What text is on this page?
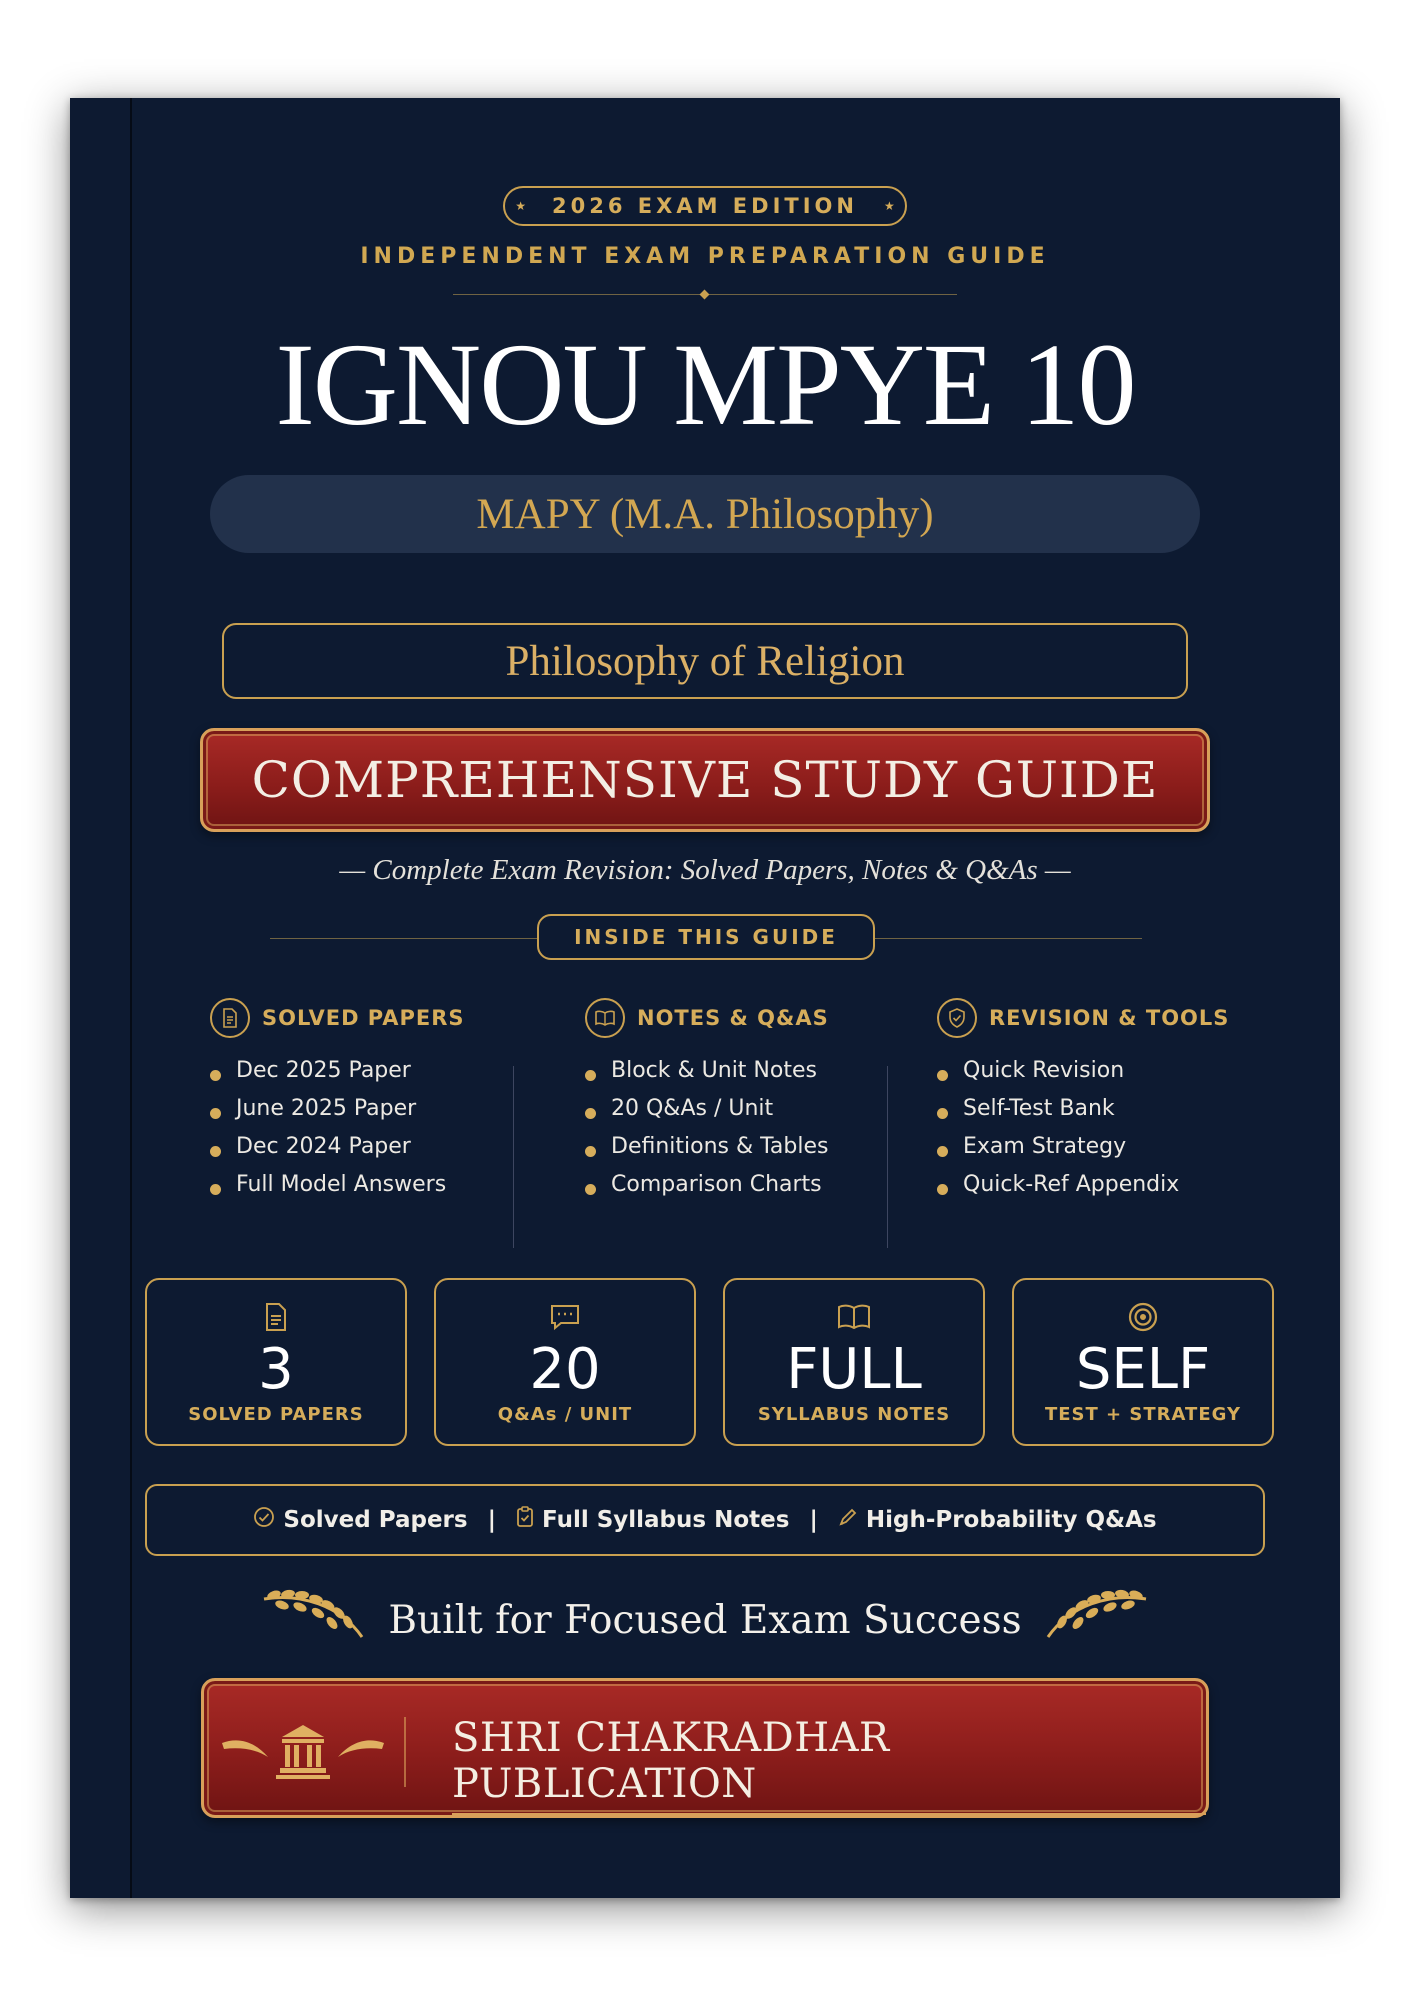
★ 2026 EXAM EDITION ★
INDEPENDENT EXAM PREPARATION GUIDE
IGNOU MPYE 10
MAPY (M.A. Philosophy)
Philosophy of Religion
COMPREHENSIVE STUDY GUIDE
— Complete Exam Revision: Solved Papers, Notes & Q&As —
INSIDE THIS GUIDE
SOLVED PAPERS
Dec 2025 Paper
June 2025 Paper
Dec 2024 Paper
Full Model Answers
NOTES & Q&AS
Block & Unit Notes
20 Q&As / Unit
Definitions & Tables
Comparison Charts
REVISION & TOOLS
Quick Revision
Self-Test Bank
Exam Strategy
Quick-Ref Appendix
3
SOLVED PAPERS
20
Q&As / UNIT
FULL
SYLLABUS NOTES
SELF
TEST + STRATEGY
Solved Papers | Full Syllabus Notes | High-Probability Q&As
Built for Focused Exam Success
SHRI CHAKRADHAR PUBLICATION
